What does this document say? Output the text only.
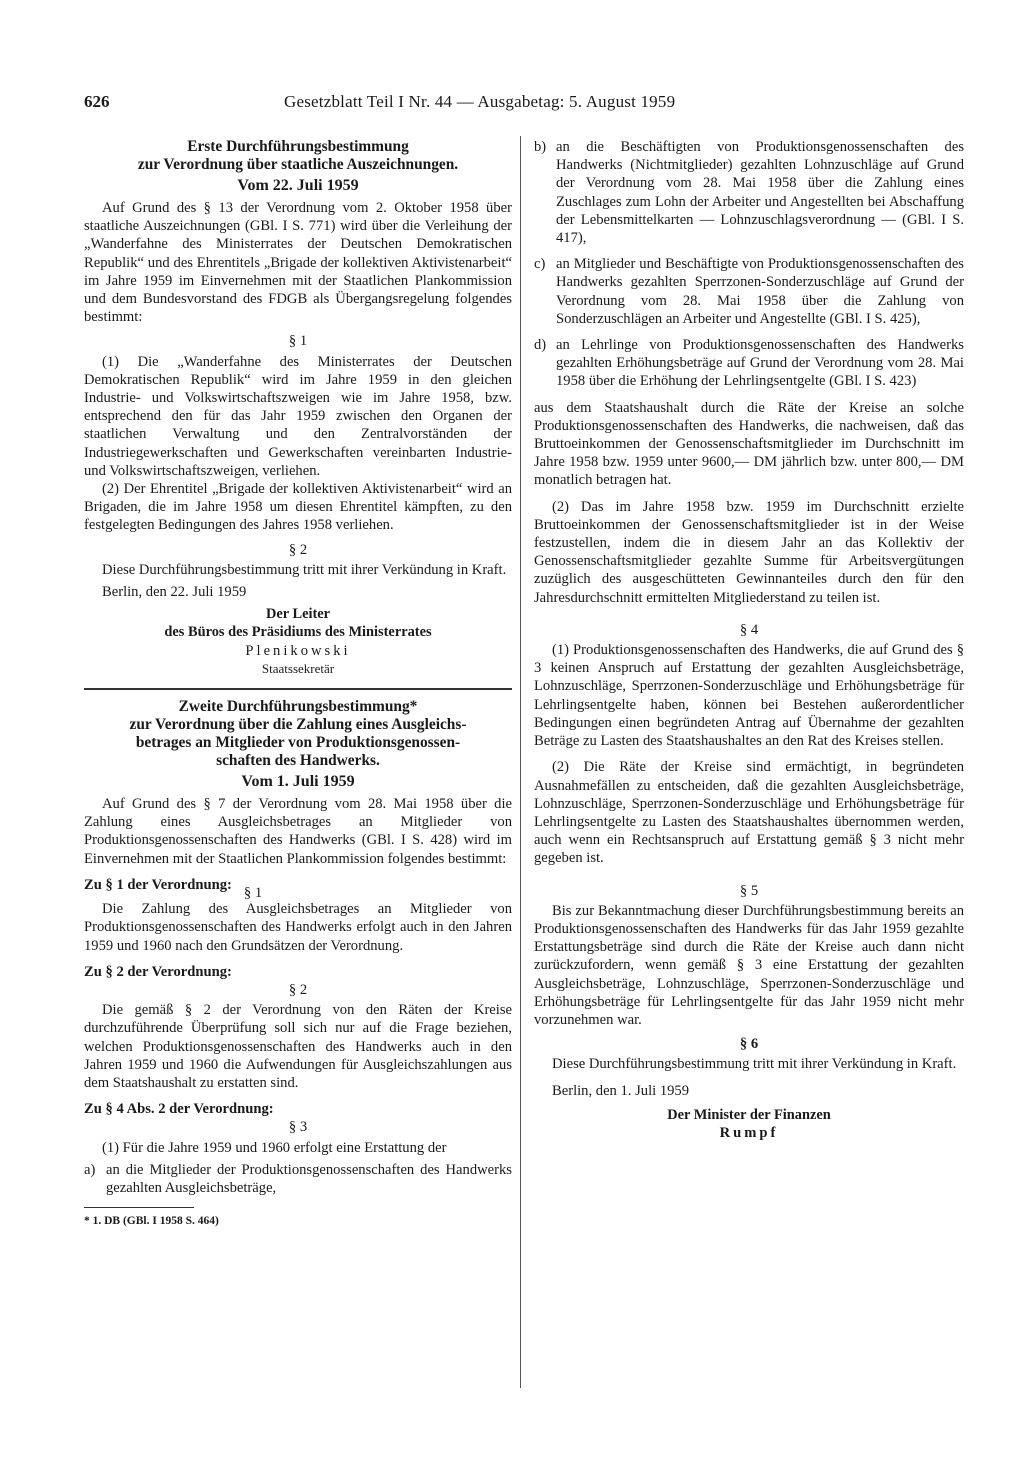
626	Gesetzblatt Teil I Nr. 44 — Ausgabetag: 5. August 1959

Erste Durchführungsbestimmung

zur Verordnung über staatliche Auszeichnungen.

Vom 22. Juli 1959

Auf Grund des § 13 der Verordnung vom 2. Oktober 1958 über staatliche Auszeichnungen (GBl. I S. 771) wird über die Verleihung der „Wanderfahne des Ministerrates der Deutschen Demokratischen Republik“ und des Ehrentitels „Brigade der kollektiven Aktivistenarbeit“ im Jahre 1959 im Einvernehmen mit der Staatlichen Plankommission und dem Bundesvorstand des FDGB als Übergangsregelung folgendes bestimmt:

§ 1

(1) Die „Wanderfahne des Ministerrates der Deutschen Demokratischen Republik“ wird im Jahre 1959 in den gleichen Industrie- und Volkswirtschaftszweigen wie im Jahre 1958, bzw. entsprechend den für das Jahr 1959 zwischen den Organen der staatlichen Verwaltung und den Zentralvorständen der Industriegewerkschaften und Gewerkschaften vereinbarten Industrie- und Volkswirtschaftszweigen, verliehen.

(2) Der Ehrentitel „Brigade der kollektiven Aktivistenarbeit“ wird an Brigaden, die im Jahre 1958 um diesen Ehrentitel kämpften, zu den festgelegten Bedingungen des Jahres 1958 verliehen.

§ 2

Diese Durchführungsbestimmung tritt mit ihrer Verkündung in Kraft.

Berlin, den 22. Juli 1959

Der Leiter

des Büros des Präsidiums des Ministerrates

Plenikowski

Staatssekretär

Zweite Durchführungsbestimmung*

zur Verordnung über die Zahlung eines Ausgleichs-

betrages an Mitglieder von Produktionsgenossen-

schaften des Handwerks.

Vom 1. Juli 1959

Auf Grund des § 7 der Verordnung vom 28. Mai 1958 über die Zahlung eines Ausgleichsbetrages an Mitglieder von Produktionsgenossenschaften des Handwerks (GBl. I S. 428) wird im Einvernehmen mit der Staatlichen Plankommission folgendes bestimmt:

Zu § 1 der Verordnung: § 1

Die Zahlung des Ausgleichsbetrages an Mitglieder von Produktionsgenossenschaften des Handwerks erfolgt auch in den Jahren 1959 und 1960 nach den Grundsätzen der Verordnung.

Zu § 2 der Verordnung:

§ 2

Die gemäß § 2 der Verordnung von den Räten der Kreise durchzuführende Überprüfung soll sich nur auf die Frage beziehen, welchen Produktionsgenossenschaften des Handwerks auch in den Jahren 1959 und 1960 die Aufwendungen für Ausgleichszahlungen aus dem Staatshaushalt zu erstatten sind.

Zu § 4 Abs. 2 der Verordnung:

§ 3

(1) Für die Jahre 1959 und 1960 erfolgt eine Erstattung der

a) an die Mitglieder der Produktionsgenossenschaften des Handwerks gezahlten Ausgleichsbeträge,

* 1. DB (GBl. I 1958 S. 464)

b) an die Beschäftigten von Produktionsgenossenschaften des Handwerks (Nichtmitglieder) gezahlten Lohnzuschläge auf Grund der Verordnung vom 28. Mai 1958 über die Zahlung eines Zuschlages zum Lohn der Arbeiter und Angestellten bei Abschaffung der Lebensmittelkarten — Lohnzuschlagsverordnung — (GBl. I S. 417),
c) an Mitglieder und Beschäftigte von Produktionsgenossenschaften des Handwerks gezahlten Sperrzonen-Sonderzuschläge auf Grund der Verordnung vom 28. Mai 1958 über die Zahlung von Sonderzuschlägen an Arbeiter und Angestellte (GBl. I S. 425),
d) an Lehrlinge von Produktionsgenossenschaften des Handwerks gezahlten Erhöhungsbeträge auf Grund der Verordnung vom 28. Mai 1958 über die Erhöhung der Lehrlingsentgelte (GBl. I S. 423)

aus dem Staatshaushalt durch die Räte der Kreise an solche Produktionsgenossenschaften des Handwerks, die nachweisen, daß das Bruttoeinkommen der Genossenschaftsmitglieder im Durchschnitt im Jahre 1958 bzw. 1959 unter 9600,— DM jährlich bzw. unter 800,— DM monatlich betragen hat.

(2) Das im Jahre 1958 bzw. 1959 im Durchschnitt erzielte Bruttoeinkommen der Genossenschaftsmitglieder ist in der Weise festzustellen, indem die in diesem Jahr an das Kollektiv der Genossenschaftsmitglieder gezahlte Summe für Arbeitsvergütungen zuzüglich des ausgeschütteten Gewinnanteiles durch den für den Jahresdurchschnitt ermittelten Mitgliederstand zu teilen ist.

§ 4

(1) Produktionsgenossenschaften des Handwerks, die auf Grund des § 3 keinen Anspruch auf Erstattung der gezahlten Ausgleichsbeträge, Lohnzuschläge, Sperrzonen-Sonderzuschläge und Erhöhungsbeträge für Lehrlingsentgelte haben, können bei Bestehen außerordentlicher Bedingungen einen begründeten Antrag auf Übernahme der gezahlten Beträge zu Lasten des Staatshaushaltes an den Rat des Kreises stellen.

(2) Die Räte der Kreise sind ermächtigt, in begründeten Ausnahmefällen zu entscheiden, daß die gezahlten Ausgleichsbeträge, Lohnzuschläge, Sperrzonen-Sonderzuschläge und Erhöhungsbeträge für Lehrlingsentgelte zu Lasten des Staatshaushaltes übernommen werden, auch wenn ein Rechtsanspruch auf Erstattung gemäß § 3 nicht mehr gegeben ist.

§ 5

Bis zur Bekanntmachung dieser Durchführungsbestimmung bereits an Produktionsgenossenschaften des Handwerks für das Jahr 1959 gezahlte Erstattungsbeträge sind durch die Räte der Kreise auch dann nicht zurückzufordern, wenn gemäß § 3 eine Erstattung der gezahlten Ausgleichsbeträge, Lohnzuschläge, Sperrzonen-Sonderzuschläge und Erhöhungsbeträge für Lehrlingsentgelte für das Jahr 1959 nicht mehr vorzunehmen war.

§ 6

Diese Durchführungsbestimmung tritt mit ihrer Verkündung in Kraft.

Berlin, den 1. Juli 1959

Der Minister der Finanzen

Rumpf
